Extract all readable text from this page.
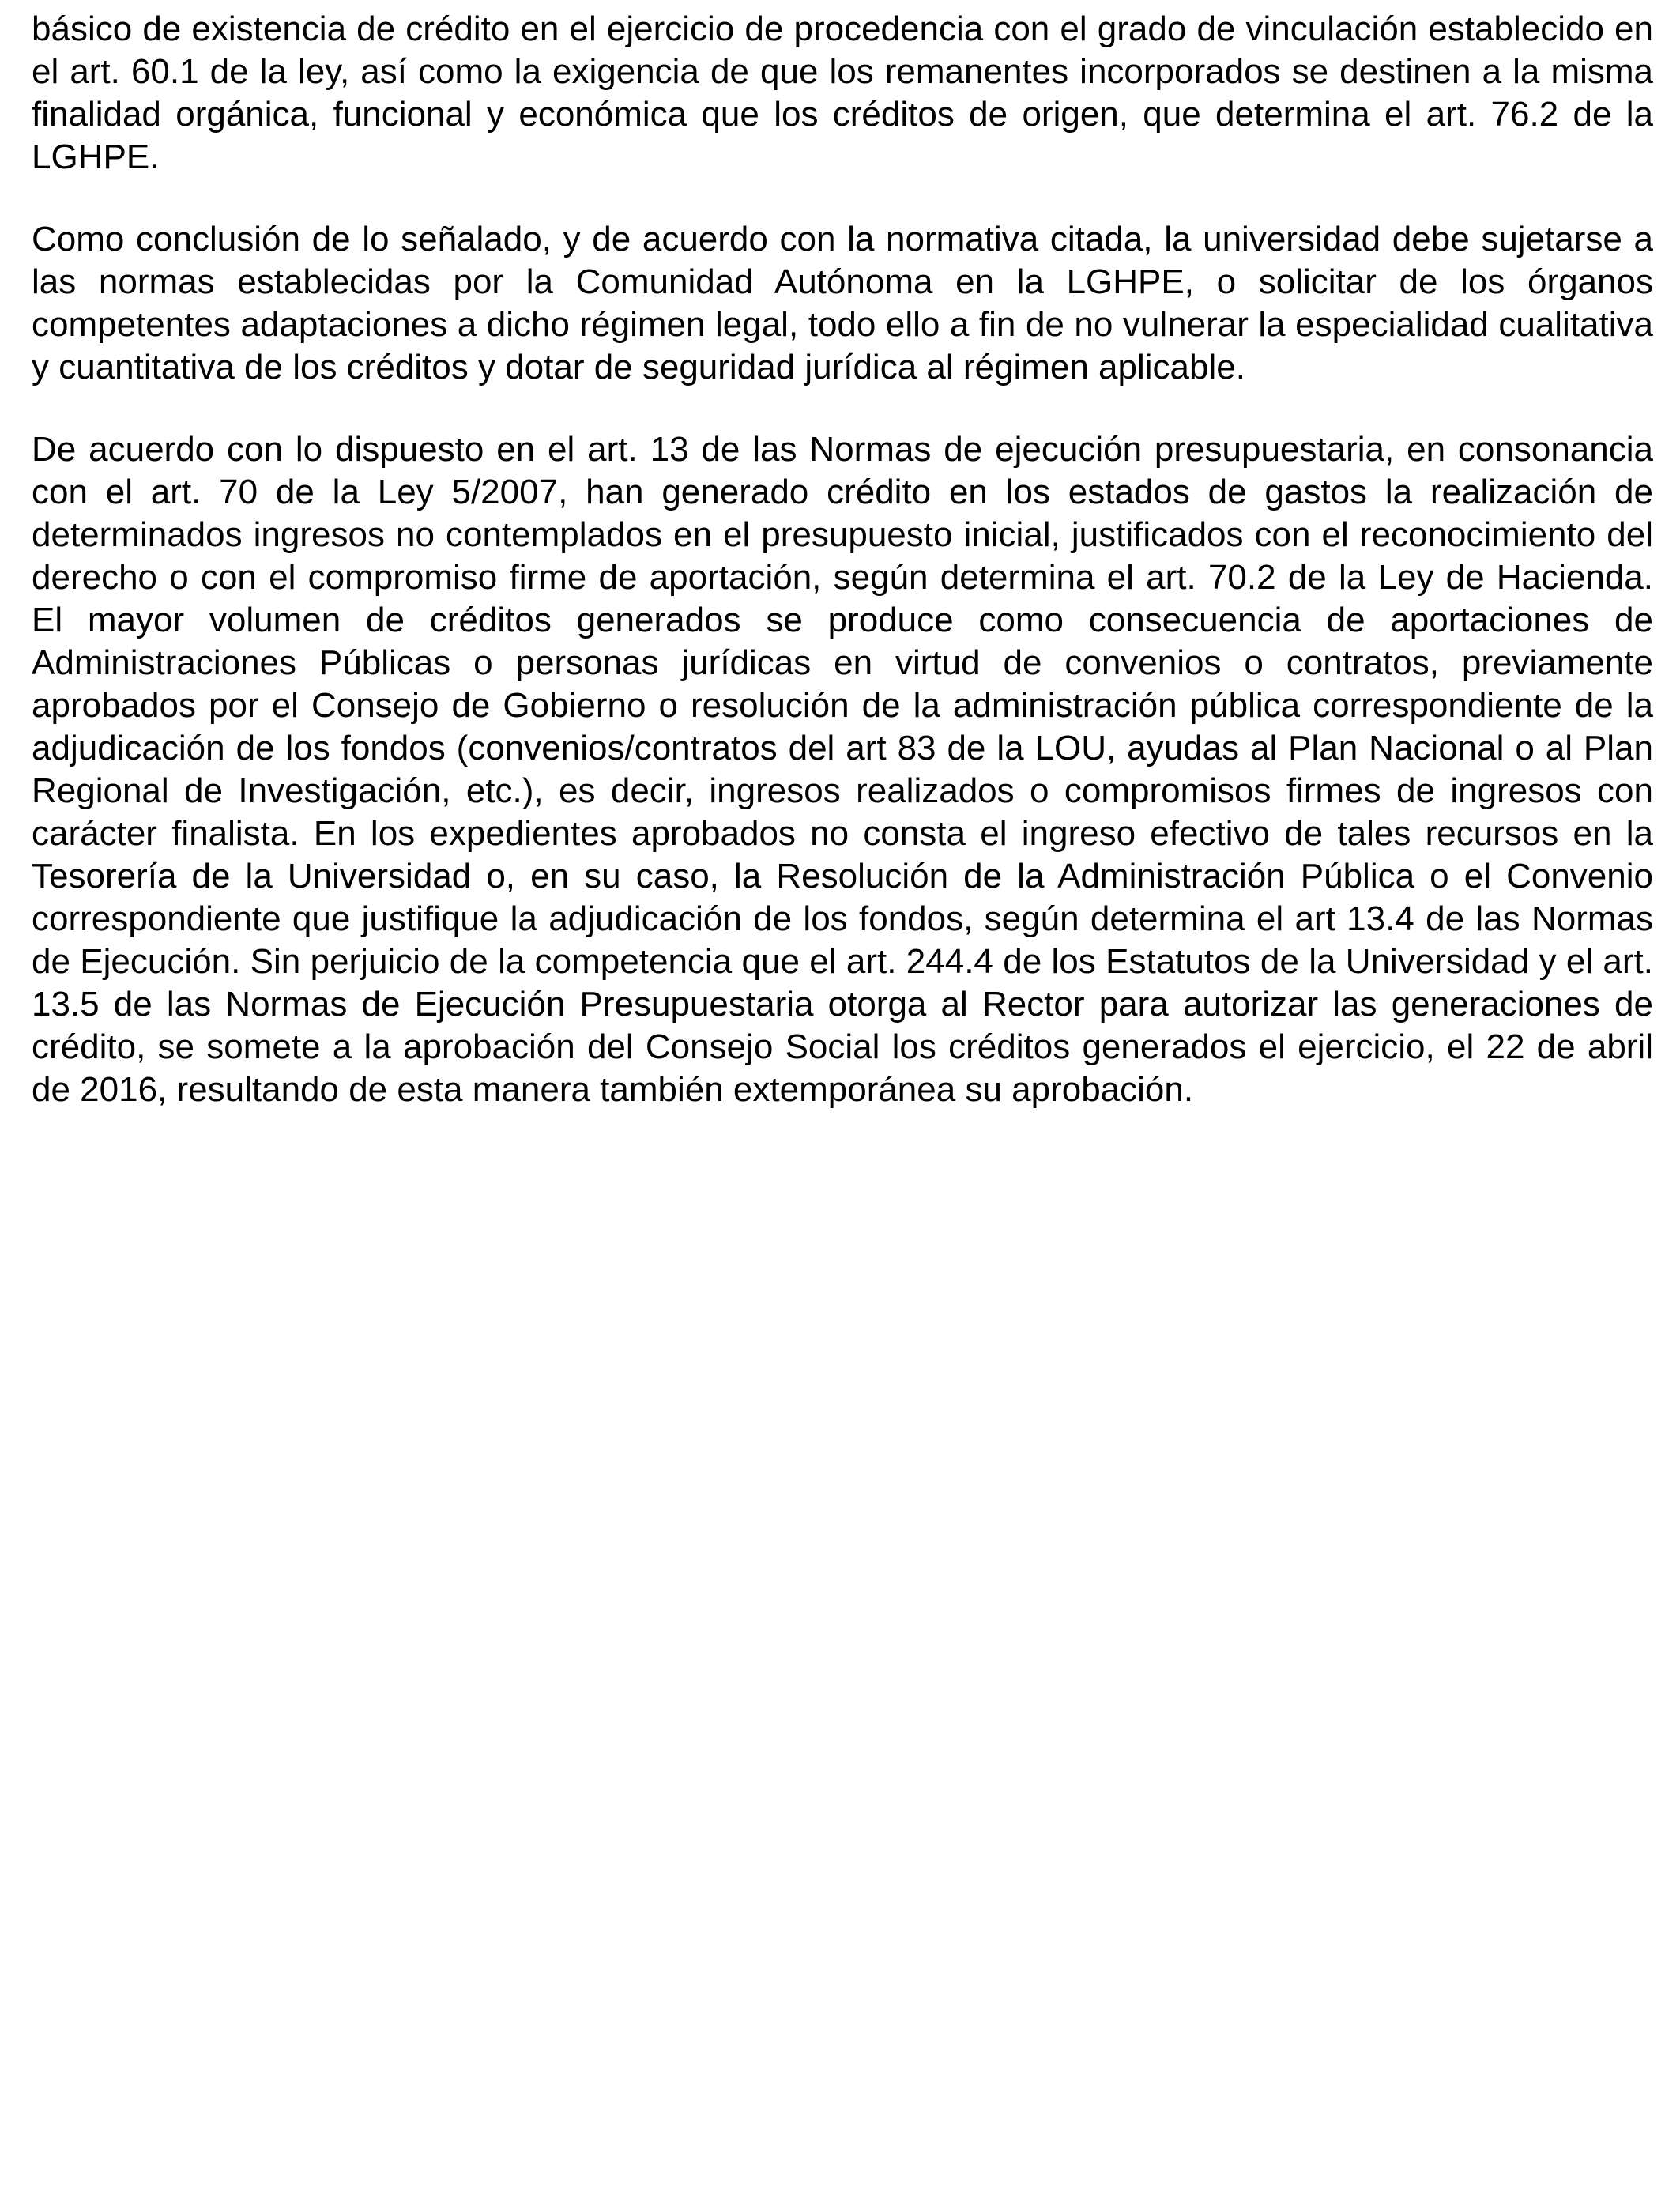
básico de existencia de crédito en el ejercicio de procedencia con el grado de vinculación establecido en el art. 60.1 de la ley, así como la exigencia de que los remanentes incorporados se destinen a la misma finalidad orgánica, funcional y económica que los créditos de origen, que determina el art. 76.2 de la LGHPE.

Como conclusión de lo señalado, y de acuerdo con la normativa citada, la universidad debe sujetarse a las normas establecidas por la Comunidad Autónoma en la LGHPE, o solicitar de los órganos competentes adaptaciones a dicho régimen legal, todo ello a fin de no vulnerar la especialidad cualitativa y cuantitativa de los créditos y dotar de seguridad jurídica al régimen aplicable.

De acuerdo con lo dispuesto en el art. 13 de las Normas de ejecución presupuestaria, en consonancia con el art. 70 de la Ley 5/2007, han generado crédito en los estados de gastos la realización de determinados ingresos no contemplados en el presupuesto inicial, justificados con el reconocimiento del derecho o con el compromiso firme de aportación, según determina el art. 70.2 de la Ley de Hacienda. El mayor volumen de créditos generados se produce como consecuencia de aportaciones de Administraciones Públicas o personas jurídicas en virtud de convenios o contratos, previamente aprobados por el Consejo de Gobierno o resolución de la administración pública correspondiente de la adjudicación de los fondos (convenios/contratos del art 83 de la LOU, ayudas al Plan Nacional o al Plan Regional de Investigación, etc.), es decir, ingresos realizados o compromisos firmes de ingresos con carácter finalista. En los expedientes aprobados no consta el ingreso efectivo de tales recursos en la Tesorería de la Universidad o, en su caso, la Resolución de la Administración Pública o el Convenio correspondiente que justifique la adjudicación de los fondos, según determina el art 13.4 de las Normas de Ejecución. Sin perjuicio de la competencia que el art. 244.4 de los Estatutos de la Universidad y el art. 13.5 de las Normas de Ejecución Presupuestaria otorga al Rector para autorizar las generaciones de crédito, se somete a la aprobación del Consejo Social los créditos generados el ejercicio, el 22 de abril de 2016, resultando de esta manera también extemporánea su aprobación.
